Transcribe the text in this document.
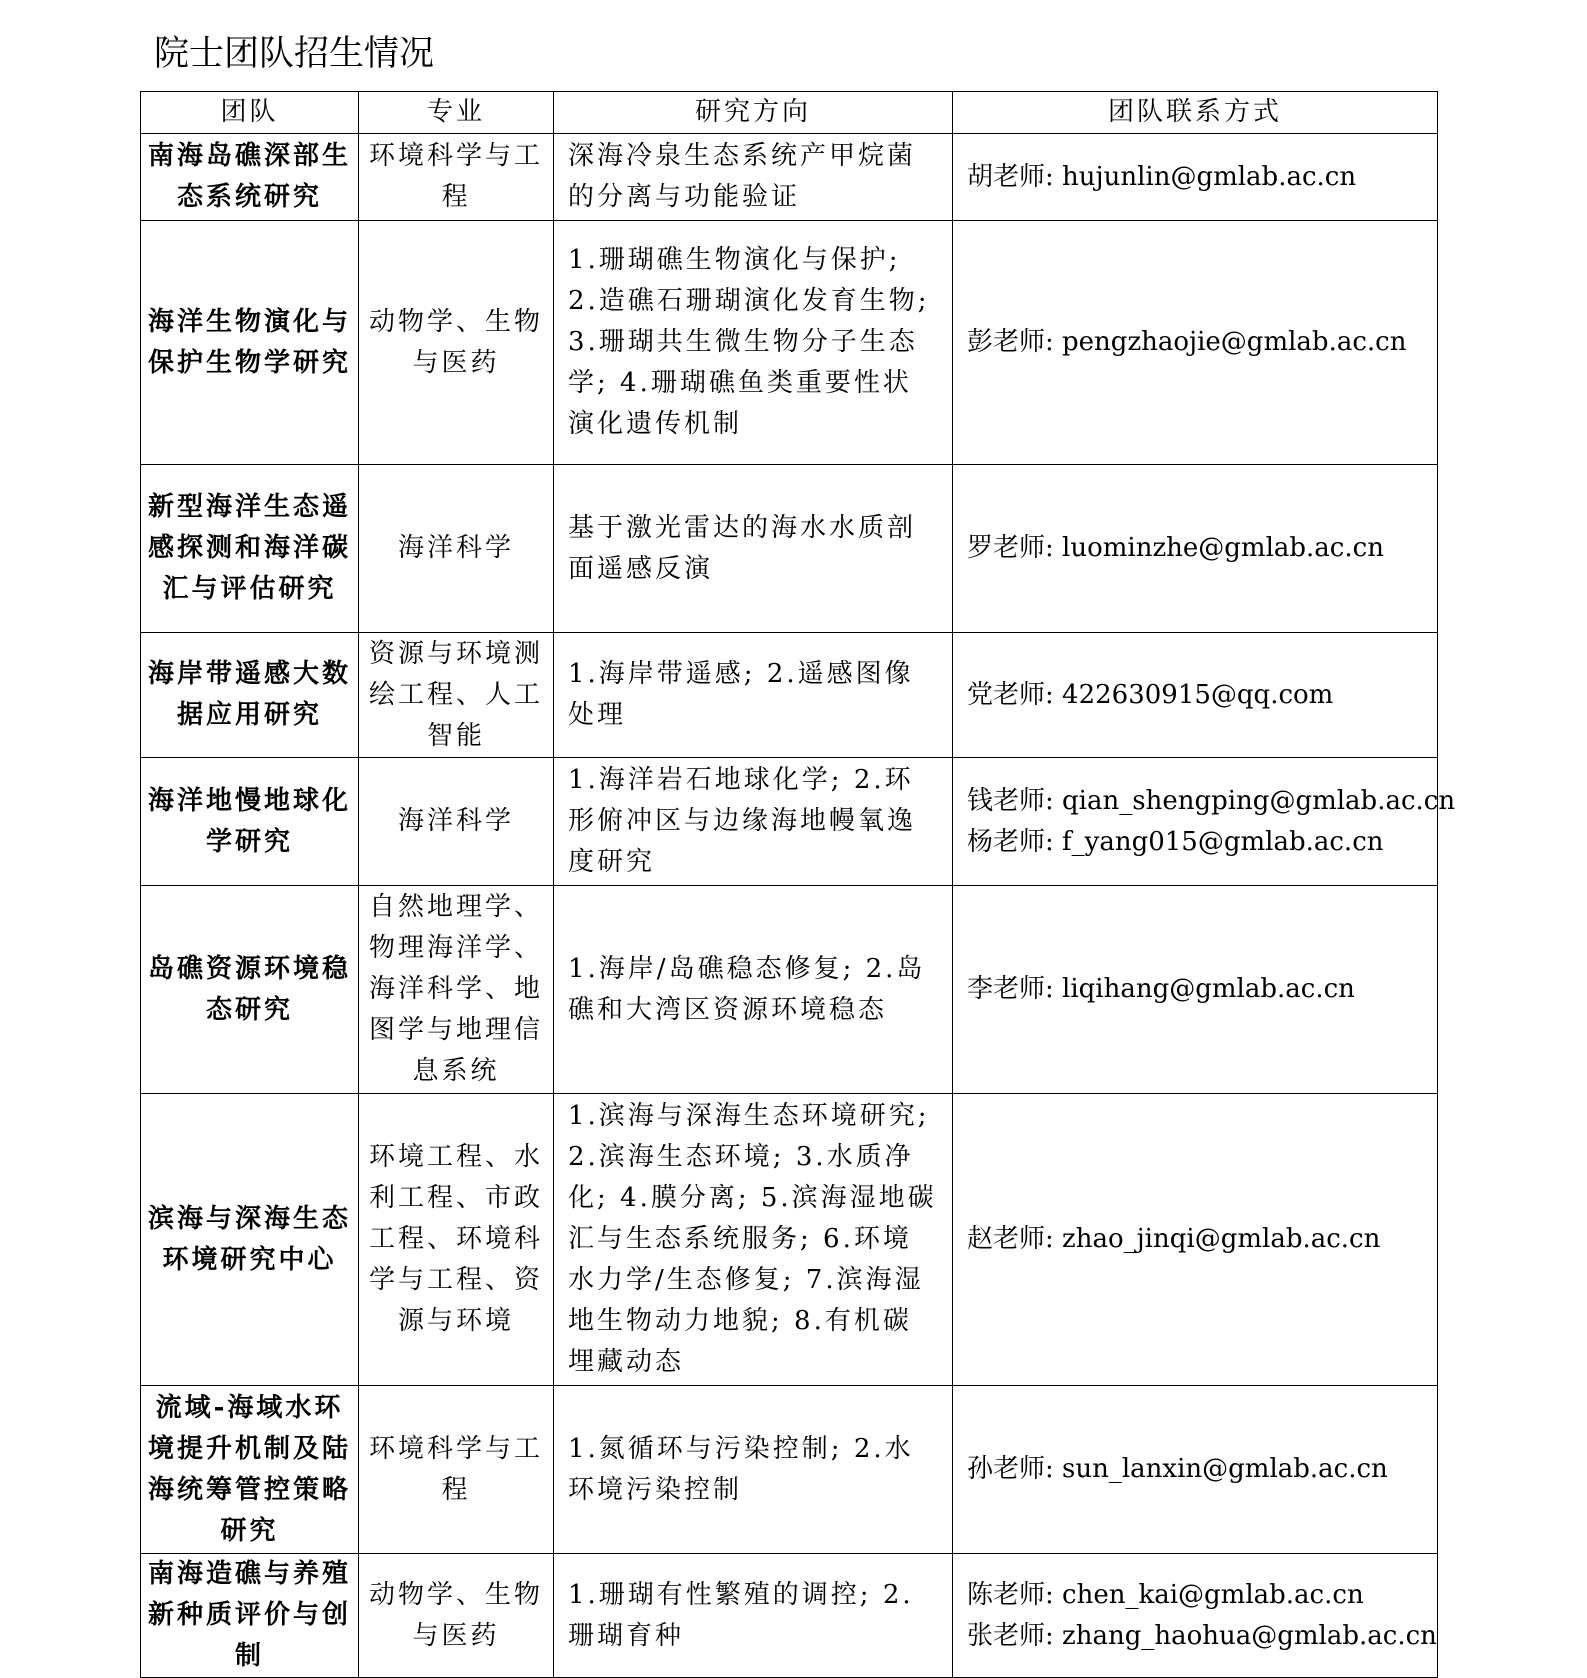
院士团队招生情况
团队	专业	研究方向	团队联系方式
南海岛礁深部生态系统研究	环境科学与工程	深海冷泉生态系统产甲烷菌的分离与功能验证	胡老师: hujunlin@gmlab.ac.cn

海洋生物演化与保护生物学研究	动物学、生物与医药	1.珊瑚礁生物演化与保护; 2.造礁石珊瑚演化发育生物; 3.珊瑚共生微生物分子生态学; 4.珊瑚礁鱼类重要性状演化遗传机制	彭老师: pengzhaojie@gmlab.ac.cn

新型海洋生态遥感探测和海洋碳汇与评估研究	海洋科学	基于激光雷达的海水水质剖面遥感反演	罗老师: luominzhe@gmlab.ac.cn

海岸带遥感大数据应用研究	资源与环境测绘工程、人工智能	1.海岸带遥感; 2.遥感图像处理	党老师: 422630915@qq.com

海洋地慢地球化学研究	海洋科学	1.海洋岩石地球化学; 2.环形俯冲区与边缘海地幔氧逸度研究	钱老师: qian_shengping@gmlab.ac.cn
杨老师: f_yang015@gmlab.ac.cn

岛礁资源环境稳态研究	自然地理学、物理海洋学、海洋科学、地图学与地理信息系统	1.海岸/岛礁稳态修复; 2.岛礁和大湾区资源环境稳态	李老师: liqihang@gmlab.ac.cn

滨海与深海生态环境研究中心	环境工程、水利工程、市政工程、环境科学与工程、资源与环境	1.滨海与深海生态环境研究; 2.滨海生态环境; 3.水质净化; 4.膜分离; 5.滨海湿地碳汇与生态系统服务; 6.环境水力学/生态修复; 7.滨海湿地生物动力地貌; 8.有机碳埋藏动态	赵老师: zhao_jinqi@gmlab.ac.cn

流域-海域水环境提升机制及陆海统筹管控策略研究	环境科学与工程	1.氮循环与污染控制; 2.水环境污染控制	孙老师: sun_lanxin@gmlab.ac.cn

南海造礁与养殖新种质评价与创制	动物学、生物与医药	1.珊瑚有性繁殖的调控; 2.珊瑚育种	陈老师: chen_kai@gmlab.ac.cn
张老师: zhang_haohua@gmlab.ac.cn
